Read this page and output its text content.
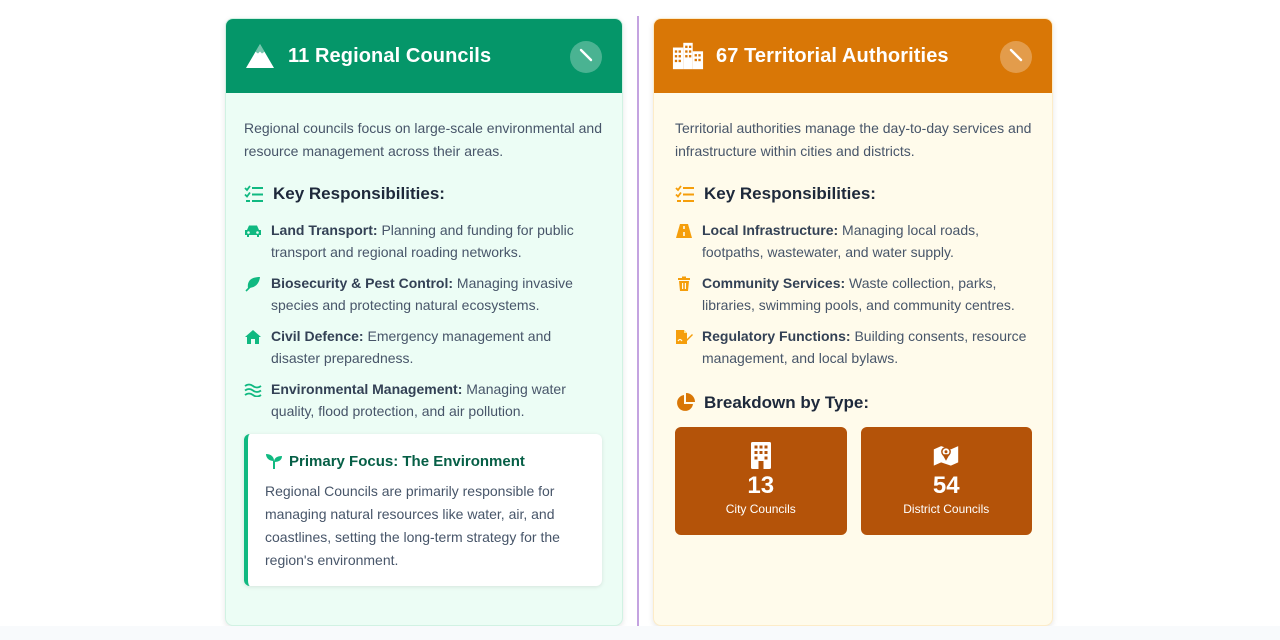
11 Regional Councils

Regional councils focus on large-scale environmental and resource management across their areas.

Key Responsibilities:
Land Transport: Planning and funding for public transport and regional roading networks.
Biosecurity & Pest Control: Managing invasive species and protecting natural ecosystems.
Civil Defence: Emergency management and disaster preparedness.
Environmental Management: Managing water quality, flood protection, and air pollution.
Primary Focus: The Environment

Regional Councils are primarily responsible for managing natural resources like water, air, and coastlines, setting the long-term strategy for the region's environment.

67 Territorial Authorities

Territorial authorities manage the day-to-day services and infrastructure within cities and districts.

Key Responsibilities:
Local Infrastructure: Managing local roads, footpaths, wastewater, and water supply.
Community Services: Waste collection, parks, libraries, swimming pools, and community centres.
Regulatory Functions: Building consents, resource management, and local bylaws.
Breakdown by Type:
13
City Councils
54
District Councils
